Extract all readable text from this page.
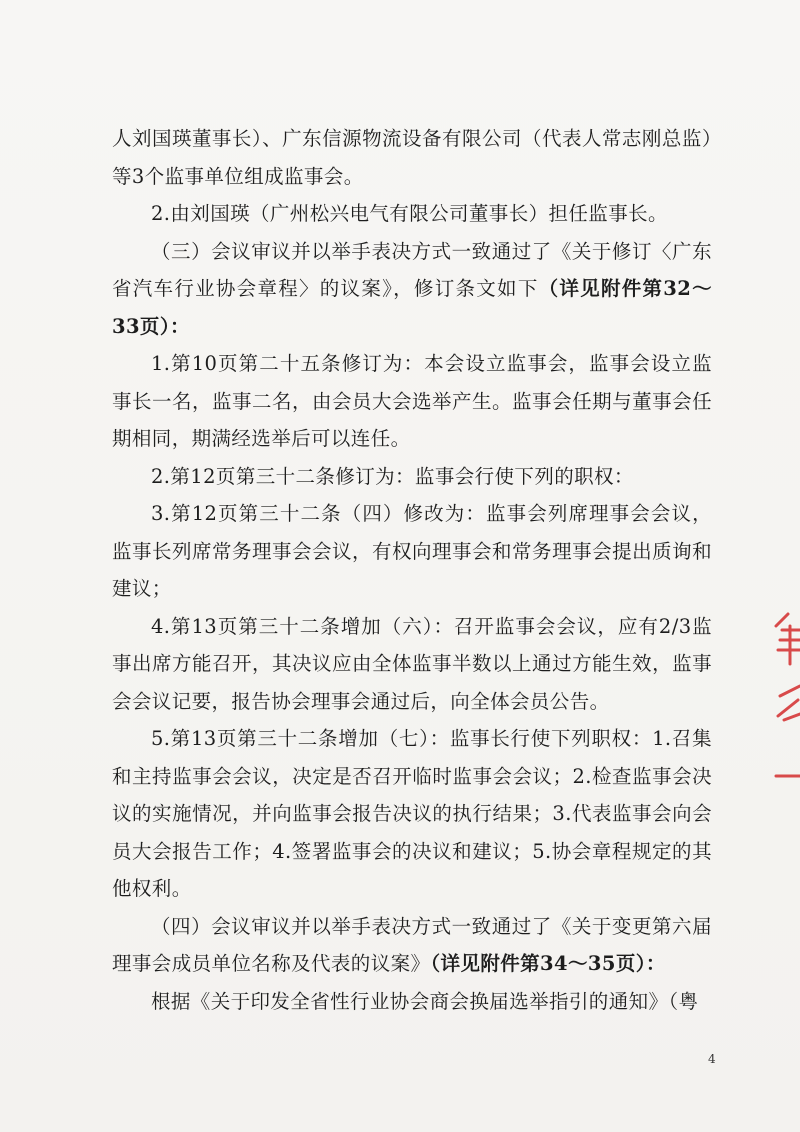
人刘国瑛董事长）、广东信源物流设备有限公司（代表人常志刚总监）等3个监事单位组成监事会。

2.由刘国瑛（广州松兴电气有限公司董事长）担任监事长。

（三）会议审议并以举手表决方式一致通过了《关于修订〈广东省汽车行业协会章程〉的议案》，修订条文如下（详见附件第32～33页）：

1.第10页第二十五条修订为：本会设立监事会，监事会设立监事长一名，监事二名，由会员大会选举产生。监事会任期与董事会任期相同，期满经选举后可以连任。

2.第12页第三十二条修订为：监事会行使下列的职权：

3.第12页第三十二条（四）修改为：监事会列席理事会会议，监事长列席常务理事会会议，有权向理事会和常务理事会提出质询和建议；

4.第13页第三十二条增加（六）：召开监事会会议，应有2/3监事出席方能召开，其决议应由全体监事半数以上通过方能生效，监事会会议记要，报告协会理事会通过后，向全体会员公告。

5.第13页第三十二条增加（七）：监事长行使下列职权：1.召集和主持监事会会议，决定是否召开临时监事会会议；2.检查监事会决议的实施情况，并向监事会报告决议的执行结果；3.代表监事会向会员大会报告工作；4.签署监事会的决议和建议；5.协会章程规定的其他权利。

（四）会议审议并以举手表决方式一致通过了《关于变更第六届理事会成员单位名称及代表的议案》（详见附件第34～35页）：

根据《关于印发全省性行业协会商会换届选举指引的通知》（粤

4
